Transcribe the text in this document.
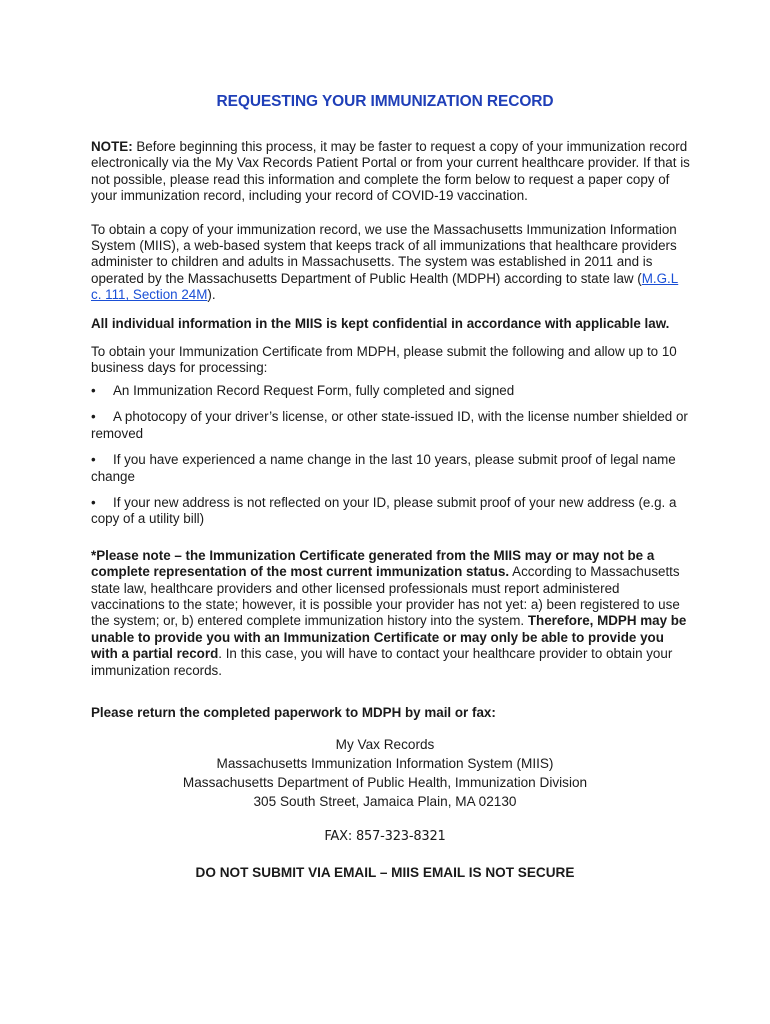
REQUESTING YOUR IMMUNIZATION RECORD

NOTE: Before beginning this process, it may be faster to request a copy of your immunization record electronically via the My Vax Records Patient Portal or from your current healthcare provider. If that is not possible, please read this information and complete the form below to request a paper copy of your immunization record, including your record of COVID-19 vaccination.

To obtain a copy of your immunization record, we use the Massachusetts Immunization Information System (MIIS), a web-based system that keeps track of all immunizations that healthcare providers administer to children and adults in Massachusetts. The system was established in 2011 and is operated by the Massachusetts Department of Public Health (MDPH) according to state law (M.G.L c. 111, Section 24M).

All individual information in the MIIS is kept confidential in accordance with applicable law.

To obtain your Immunization Certificate from MDPH, please submit the following and allow up to 10 business days for processing:

• An Immunization Record Request Form, fully completed and signed

• A photocopy of your driver’s license, or other state-issued ID, with the license number shielded or removed

• If you have experienced a name change in the last 10 years, please submit proof of legal name change

• If your new address is not reflected on your ID, please submit proof of your new address (e.g. a copy of a utility bill)

*Please note – the Immunization Certificate generated from the MIIS may or may not be a complete representation of the most current immunization status. According to Massachusetts state law, healthcare providers and other licensed professionals must report administered vaccinations to the state; however, it is possible your provider has not yet: a) been registered to use the system; or, b) entered complete immunization history into the system. Therefore, MDPH may be unable to provide you with an Immunization Certificate or may only be able to provide you with a partial record. In this case, you will have to contact your healthcare provider to obtain your immunization records.

Please return the completed paperwork to MDPH by mail or fax:

My Vax Records
Massachusetts Immunization Information System (MIIS)
Massachusetts Department of Public Health, Immunization Division
305 South Street, Jamaica Plain, MA 02130
FAX: 857-323-8321
DO NOT SUBMIT VIA EMAIL – MIIS EMAIL IS NOT SECURE
